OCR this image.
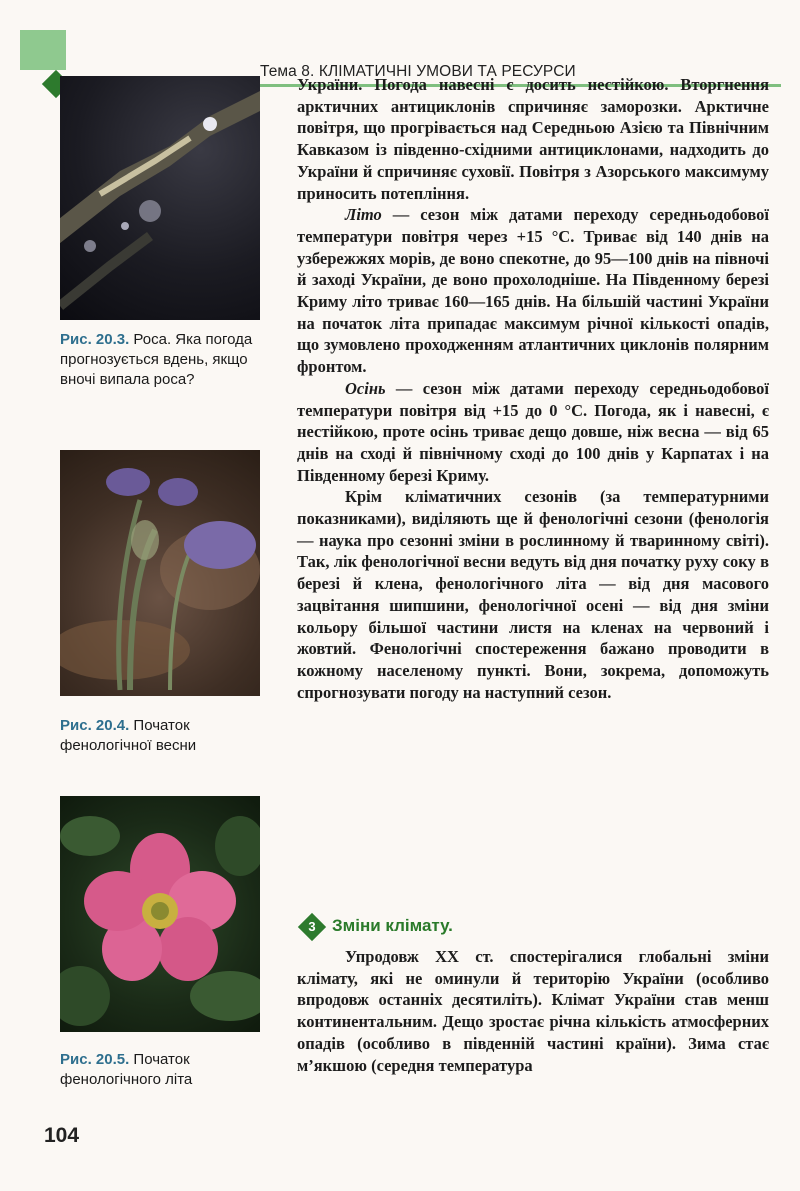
Тема 8. КЛІМАТИЧНІ УМОВИ ТА РЕСУРСИ
Рис. 20.3. Роса. Яка погода прогнозується вдень, якщо вночі випала роса?
Рис. 20.4. Початок фенологічної весни
Рис. 20.5. Початок фенологічного літа

України. Погода навесні є досить нестійкою. Вторгнення арктичних антициклонів спричиняє заморозки. Арктичне повітря, що прогрівається над Середньою Азією та Північним Кавказом із південно-східними антициклонами, надходить до України й спричиняє суховії. Повітря з Азорського максимуму приносить потепління.

Літо — сезон між датами переходу середньодобової температури повітря через +15 °С. Триває від 140 днів на узбережжях морів, де воно спекотне, до 95—100 днів на півночі й заході України, де воно прохолодніше. На Південному березі Криму літо триває 160—165 днів. На більшій частині України на початок літа припадає максимум річної кількості опадів, що зумовлено проходженням атлантичних циклонів полярним фронтом.

Осінь — сезон між датами переходу середньодобової температури повітря від +15 до 0 °С. Погода, як і навесні, є нестійкою, проте осінь триває дещо довше, ніж весна — від 65 днів на сході й північному сході до 100 днів у Карпатах і на Південному березі Криму.

Крім кліматичних сезонів (за температурними показниками), виділяють ще й фенологічні сезони (фенологія — наука про сезонні зміни в рослинному й тваринному світі). Так, лік фенологічної весни ведуть від дня початку руху соку в березі й клена, фенологічного літа — від дня масового зацвітання шипшини, фенологічної осені — від дня зміни кольору більшої частини листя на кленах на червоний і жовтий. Фенологічні спостереження бажано проводити в кожному населеному пункті. Вони, зокрема, допоможуть спрогнозувати погоду на наступний сезон.

3 Зміни клімату.

Упродовж ХХ ст. спостерігалися глобальні зміни клімату, які не оминули й територію України (особливо впродовж останніх десятиліть). Клімат України став менш континентальним. Дещо зростає річна кількість атмосферних опадів (особливо в південній частині країни). Зима стає м’якшою (середня температура

104
